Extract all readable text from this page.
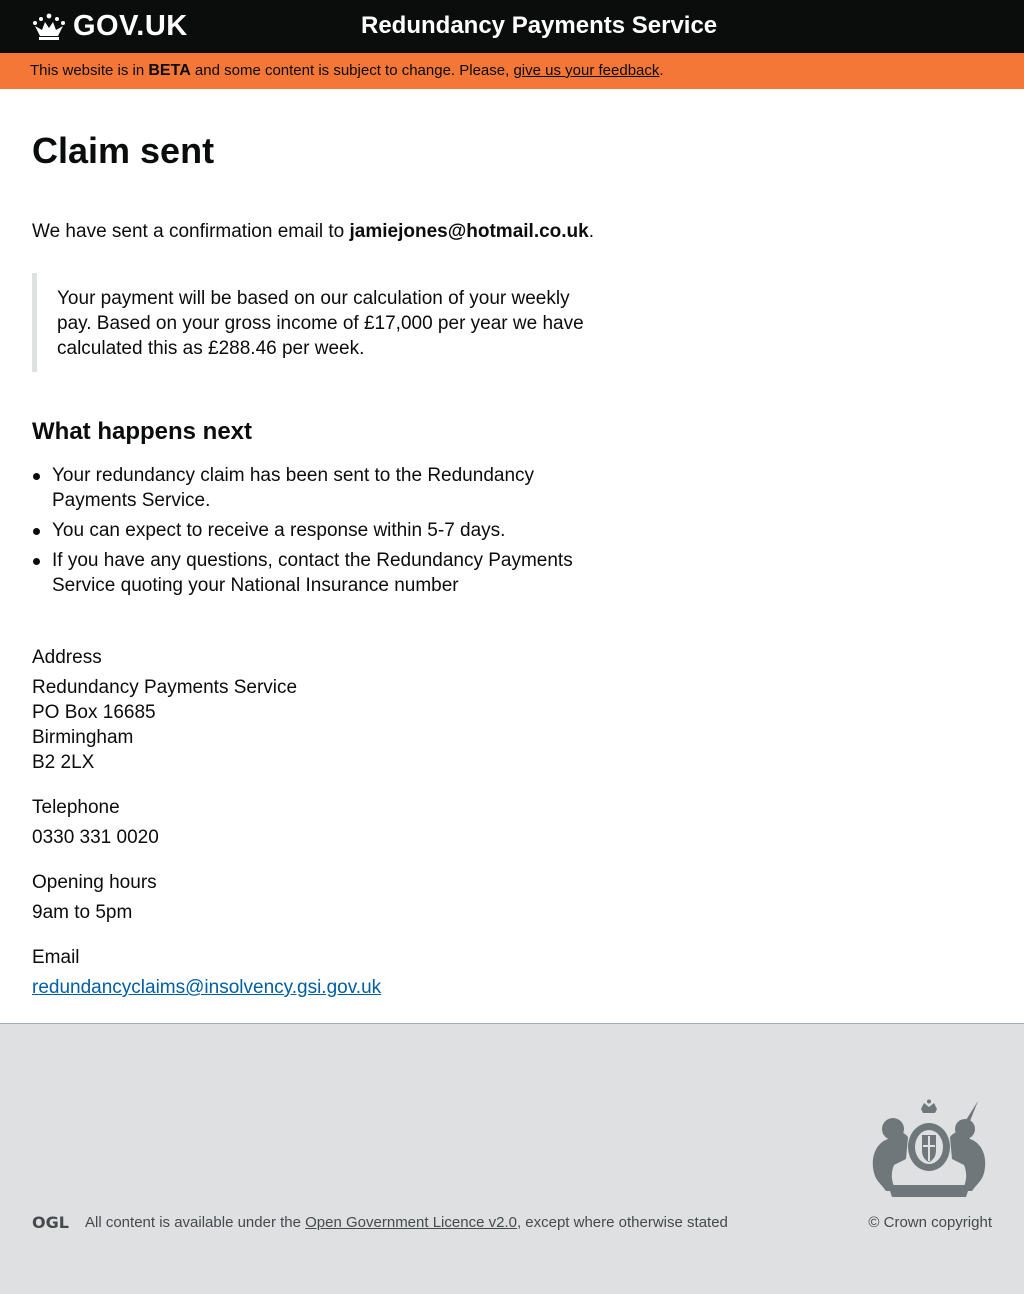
GOV.UK	Redundancy Payments Service
This website is in BETA and some content is subject to change. Please, give us your feedback.
Claim sent

We have sent a confirmation email to jamiejones@hotmail.co.uk.

Your payment will be based on our calculation of your weekly pay. Based on your gross income of £17,000 per year we have calculated this as £288.46 per week.
What happens next
Your redundancy claim has been sent to the Redundancy Payments Service.
You can expect to receive a response within 5-7 days.
If you have any questions, contact the Redundancy Payments Service quoting your National Insurance number
Address
Redundancy Payments Service
PO Box 16685
Birmingham
B2 2LX
Telephone
0330 331 0020
Opening hours
9am to 5pm
Email
redundancyclaims@insolvency.gsi.gov.uk
OGL All content is available under the Open Government Licence v2.0, except where otherwise stated	© Crown copyright
